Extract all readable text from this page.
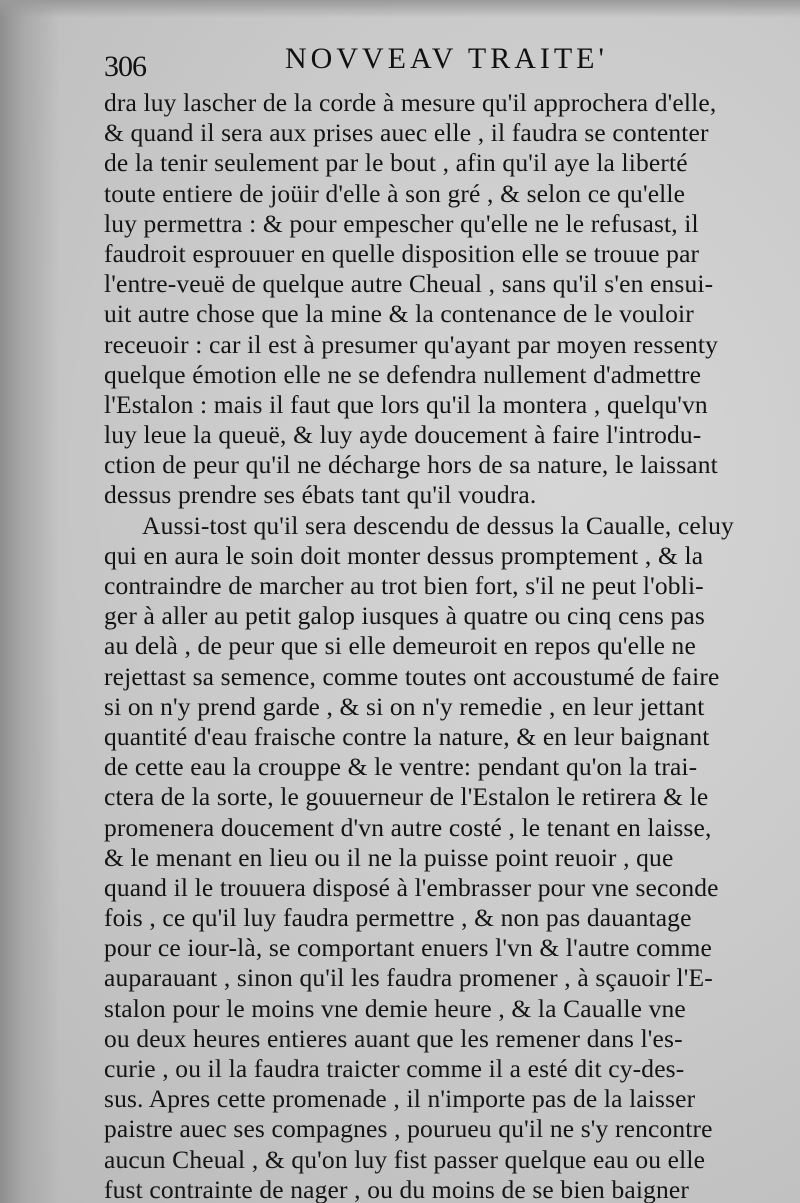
306	NOVVEAV TRAITE'
dra luy lascher de la corde à mesure qu'il approchera d'elle,
& quand il sera aux prises auec elle , il faudra se contenter
de la tenir seulement par le bout , afin qu'il aye la liberté
toute entiere de joüir d'elle à son gré , & selon ce qu'elle
luy permettra : & pour empescher qu'elle ne le refusast, il
faudroit esprouuer en quelle disposition elle se trouue par
l'entre-veuë de quelque autre Cheual , sans qu'il s'en ensui-
uit autre chose que la mine & la contenance de le vouloir
receuoir : car il est à presumer qu'ayant par moyen ressenty
quelque émotion elle ne se defendra nullement d'admettre
l'Estalon : mais il faut que lors qu'il la montera , quelqu'vn
luy leue la queuë, & luy ayde doucement à faire l'introdu-
ction de peur qu'il ne décharge hors de sa nature, le laissant
dessus prendre ses ébats tant qu'il voudra.
Aussi-tost qu'il sera descendu de dessus la Caualle, celuy
qui en aura le soin doit monter dessus promptement , & la
contraindre de marcher au trot bien fort, s'il ne peut l'obli-
ger à aller au petit galop iusques à quatre ou cinq cens pas
au delà , de peur que si elle demeuroit en repos qu'elle ne
rejettast sa semence, comme toutes ont accoustumé de faire
si on n'y prend garde , & si on n'y remedie , en leur jettant
quantité d'eau fraische contre la nature, & en leur baignant
de cette eau la crouppe & le ventre: pendant qu'on la trai-
ctera de la sorte, le gouuerneur de l'Estalon le retirera & le
promenera doucement d'vn autre costé , le tenant en laisse,
& le menant en lieu ou il ne la puisse point reuoir , que
quand il le trouuera disposé à l'embrasser pour vne seconde
fois , ce qu'il luy faudra permettre , & non pas dauantage
pour ce iour-là, se comportant enuers l'vn & l'autre comme
auparauant , sinon qu'il les faudra promener , à sçauoir l'E-
stalon pour le moins vne demie heure , & la Caualle vne
ou deux heures entieres auant que les remener dans l'es-
curie , ou il la faudra traicter comme il a esté dit cy-des-
sus. Apres cette promenade , il n'importe pas de la laisser
paistre auec ses compagnes , pourueu qu'il ne s'y rencontre
aucun Cheual , & qu'on luy fist passer quelque eau ou elle
fust contrainte de nager , ou du moins de se bien baigner
